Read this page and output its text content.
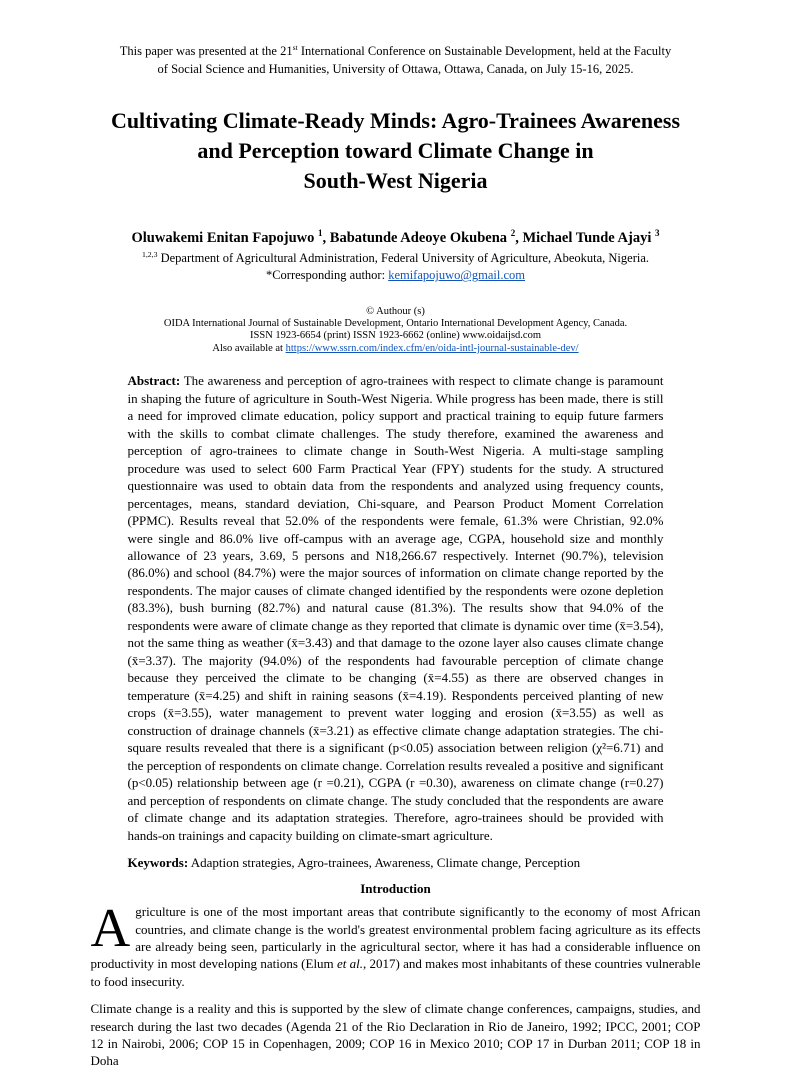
This paper was presented at the 21st International Conference on Sustainable Development, held at the Faculty of Social Science and Humanities, University of Ottawa, Ottawa, Canada, on July 15-16, 2025.
Cultivating Climate-Ready Minds: Agro-Trainees Awareness
and Perception toward Climate Change in
South-West Nigeria
Oluwakemi Enitan Fapojuwo $^1$, Babatunde Adeoye Okubena $^2$, Michael Tunde Ajayi $^3$
$^{1,2,3}$ Department of Agricultural Administration, Federal University of Agriculture, Abeokuta, Nigeria.
*Corresponding author: kemifapojuwo@gmail.com
© Authour (s)
OIDA International Journal of Sustainable Development, Ontario International Development Agency, Canada.
ISSN 1923-6654 (print) ISSN 1923-6662 (online) www.oidaijsd.com
Also available at https://www.ssrn.com/index.cfm/en/oida-intl-journal-sustainable-dev/
Abstract: The awareness and perception of agro-trainees with respect to climate change is paramount in shaping the future of agriculture in South-West Nigeria. While progress has been made, there is still a need for improved climate education, policy support and practical training to equip future farmers with the skills to combat climate challenges. The study therefore, examined the awareness and perception of agro-trainees to climate change in South-West Nigeria. A multi-stage sampling procedure was used to select 600 Farm Practical Year (FPY) students for the study. A structured questionnaire was used to obtain data from the respondents and analyzed using frequency counts, percentages, means, standard deviation, Chi-square, and Pearson Product Moment Correlation (PPMC). Results reveal that 52.0% of the respondents were female, 61.3% were Christian, 92.0% were single and 86.0% live off-campus with an average age, CGPA, household size and monthly allowance of 23 years, 3.69, 5 persons and N18,266.67 respectively. Internet (90.7%), television (86.0%) and school (84.7%) were the major sources of information on climate change reported by the respondents. The major causes of climate changed identified by the respondents were ozone depletion (83.3%), bush burning (82.7%) and natural cause (81.3%). The results show that 94.0% of the respondents were aware of climate change as they reported that climate is dynamic over time (x̄=3.54), not the same thing as weather (x̄=3.43) and that damage to the ozone layer also causes climate change (x̄=3.37). The majority (94.0%) of the respondents had favourable perception of climate change because they perceived the climate to be changing (x̄=4.55) as there are observed changes in temperature (x̄=4.25) and shift in raining seasons (x̄=4.19). Respondents perceived planting of new crops (x̄=3.55), water management to prevent water logging and erosion (x̄=3.55) as well as construction of drainage channels (x̄=3.21) as effective climate change adaptation strategies. The chi-square results revealed that there is a significant (p<0.05) association between religion (χ²=6.71) and the perception of respondents on climate change. Correlation results revealed a positive and significant (p<0.05) relationship between age (r =0.21), CGPA (r =0.30), awareness on climate change (r=0.27) and perception of respondents on climate change. The study concluded that the respondents are aware of climate change and its adaptation strategies. Therefore, agro-trainees should be provided with hands-on trainings and capacity building on climate-smart agriculture.
Keywords: Adaption strategies, Agro-trainees, Awareness, Climate change, Perception
Introduction
Agriculture is one of the most important areas that contribute significantly to the economy of most African countries, and climate change is the world's greatest environmental problem facing agriculture as its effects are already being seen, particularly in the agricultural sector, where it has had a considerable influence on productivity in most developing nations (Elum et al., 2017) and makes most inhabitants of these countries vulnerable to food insecurity.
Climate change is a reality and this is supported by the slew of climate change conferences, campaigns, studies, and research during the last two decades (Agenda 21 of the Rio Declaration in Rio de Janeiro, 1992; IPCC, 2001; COP 12 in Nairobi, 2006; COP 15 in Copenhagen, 2009; COP 16 in Mexico 2010; COP 17 in Durban 2011; COP 18 in Doha
